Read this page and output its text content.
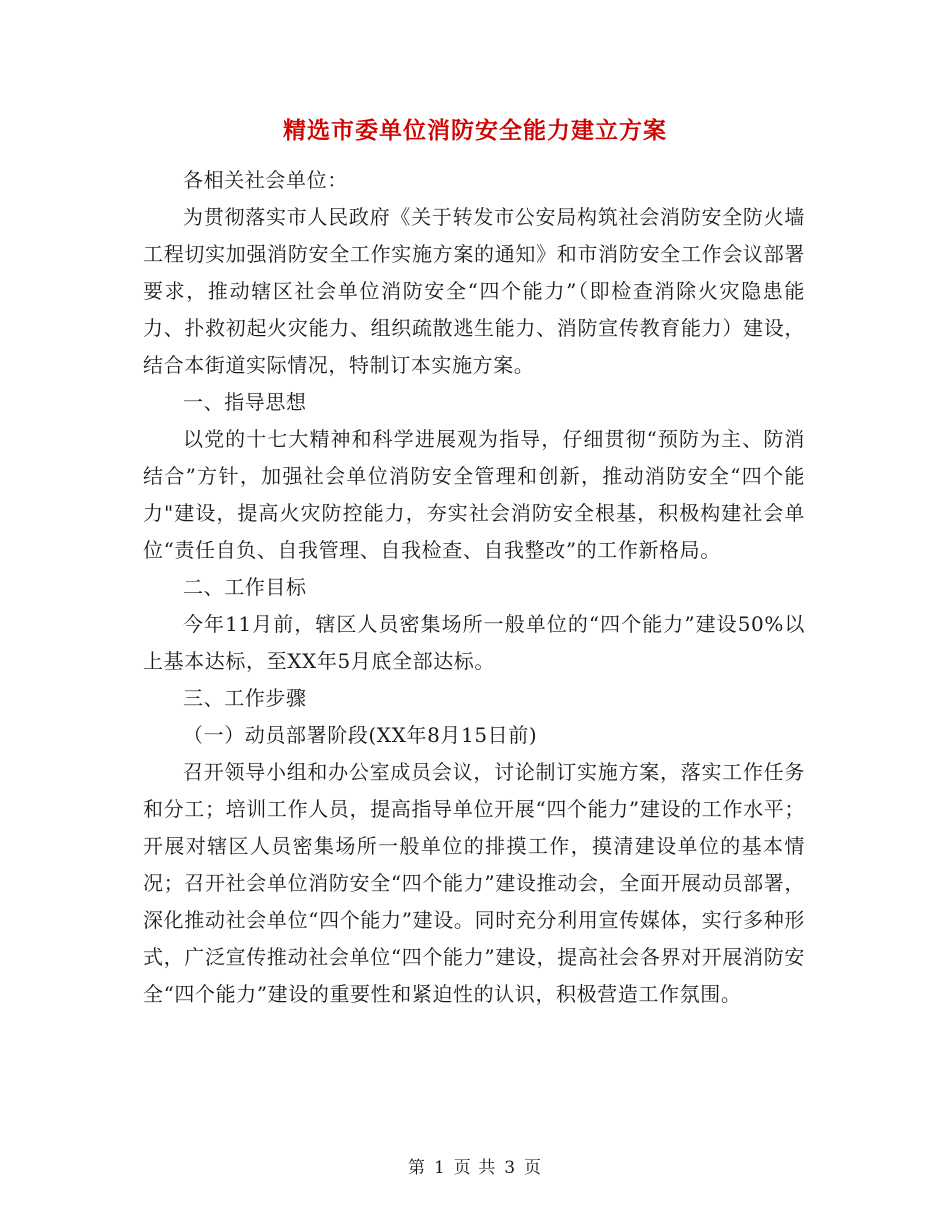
精选市委单位消防安全能力建立方案

各相关社会单位：

为贯彻落实市人民政府《关于转发市公安局构筑社会消防安全防火墙工程切实加强消防安全工作实施方案的通知》和市消防安全工作会议部署要求，推动辖区社会单位消防安全“四个能力”（即检查消除火灾隐患能力、扑救初起火灾能力、组织疏散逃生能力、消防宣传教育能力）建设，结合本街道实际情况，特制订本实施方案。

一、指导思想

以党的十七大精神和科学进展观为指导，仔细贯彻“预防为主、防消结合”方针，加强社会单位消防安全管理和创新，推动消防安全“四个能力"建设，提高火灾防控能力，夯实社会消防安全根基，积极构建社会单位“责任自负、自我管理、自我检查、自我整改”的工作新格局。

二、工作目标

今年11月前，辖区人员密集场所一般单位的“四个能力”建设50%以上基本达标，至XX年5月底全部达标。

三、工作步骤

（一）动员部署阶段(XX年8月15日前)

召开领导小组和办公室成员会议，讨论制订实施方案，落实工作任务和分工；培训工作人员，提高指导单位开展“四个能力”建设的工作水平；开展对辖区人员密集场所一般单位的排摸工作，摸清建设单位的基本情况；召开社会单位消防安全“四个能力”建设推动会，全面开展动员部署，深化推动社会单位“四个能力”建设。同时充分利用宣传媒体，实行多种形式，广泛宣传推动社会单位“四个能力”建设，提高社会各界对开展消防安全“四个能力”建设的重要性和紧迫性的认识，积极营造工作氛围。

第 1 页 共 3 页
